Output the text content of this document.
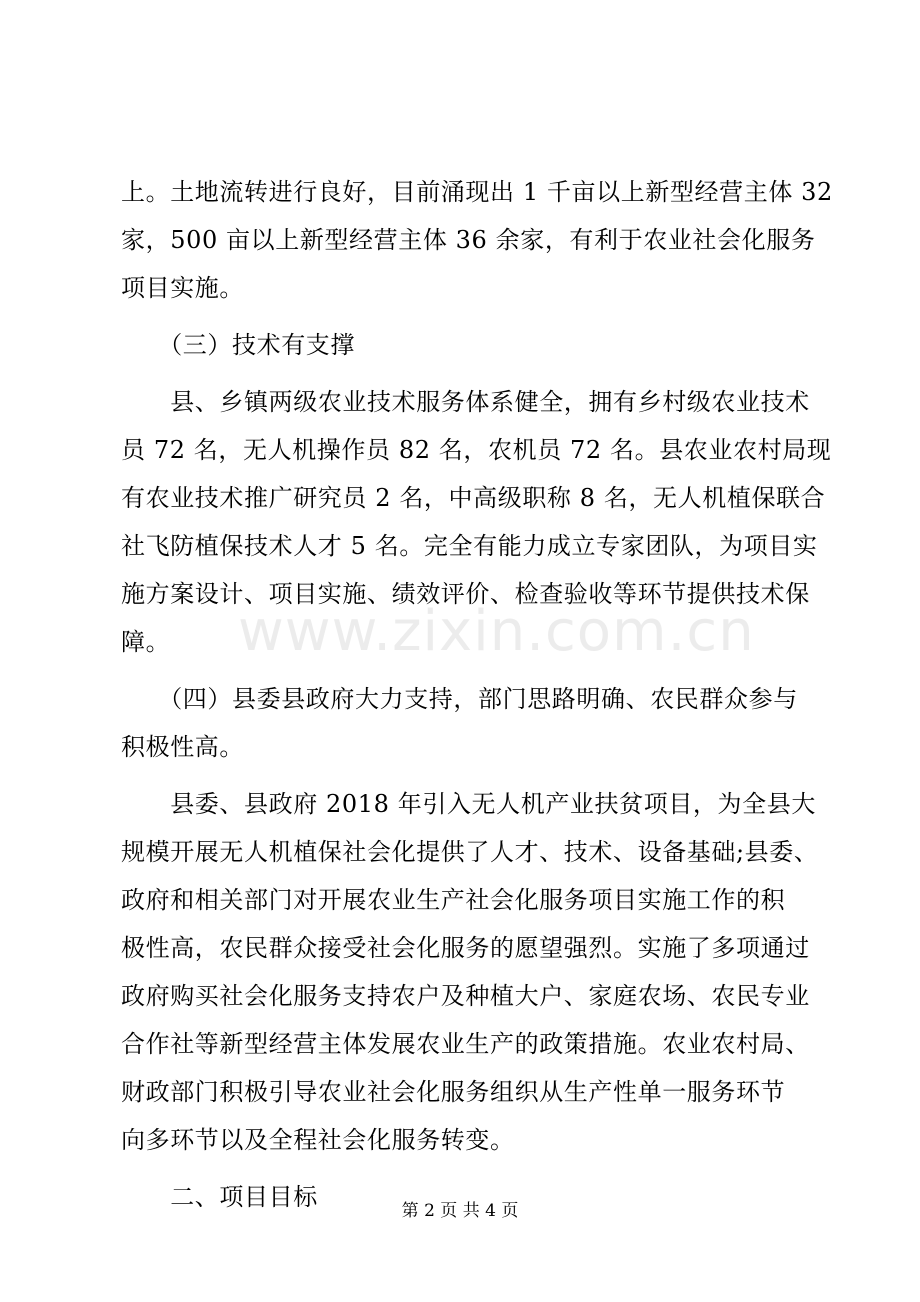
上。土地流转进行良好，目前涌现出 1 千亩以上新型经营主体 32
家，500 亩以上新型经营主体 36 余家，有利于农业社会化服务
项目实施。
　　（三）技术有支撑
　　县、乡镇两级农业技术服务体系健全，拥有乡村级农业技术
员 72 名，无人机操作员 82 名，农机员 72 名。县农业农村局现
有农业技术推广研究员 2 名，中高级职称 8 名，无人机植保联合
社飞防植保技术人才 5 名。完全有能力成立专家团队，为项目实
施方案设计、项目实施、绩效评价、检查验收等环节提供技术保
障。
　　（四）县委县政府大力支持，部门思路明确、农民群众参与
积极性高。
　　县委、县政府 2018 年引入无人机产业扶贫项目，为全县大
规模开展无人机植保社会化提供了人才、技术、设备基础;县委、
政府和相关部门对开展农业生产社会化服务项目实施工作的积
极性高，农民群众接受社会化服务的愿望强烈。实施了多项通过
政府购买社会化服务支持农户及种植大户、家庭农场、农民专业
合作社等新型经营主体发展农业生产的政策措施。农业农村局、
财政部门积极引导农业社会化服务组织从生产性单一服务环节
向多环节以及全程社会化服务转变。
　　二、项目目标
www.zixin.com.cn
第 2 页 共 4 页
